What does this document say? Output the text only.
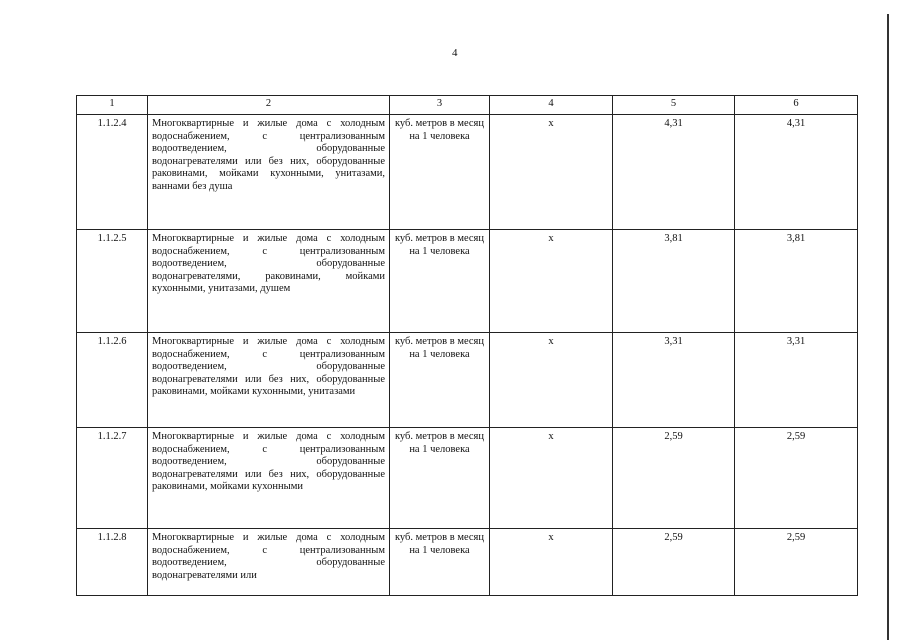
4
1	2	3	4	5	6
1.1.2.4	Многоквартирные и жилые дома с холодным водоснабжением, с централизованным водоотведением, оборудованные водонагревателями или без них, оборудованные раковинами, мойками кухонными, унитазами, ваннами без душа	куб. метров в месяц на 1 человека	х	4,31	4,31
1.1.2.5	Многоквартирные и жилые дома с холодным водоснабжением, с централизованным водоотведением, оборудованные водонагревателями, раковинами, мойками кухонными, унитазами, душем	куб. метров в месяц на 1 человека	х	3,81	3,81
1.1.2.6	Многоквартирные и жилые дома с холодным водоснабжением, с централизованным водоотведением, оборудованные водонагревателями или без них, оборудованные раковинами, мойками кухонными, унитазами	куб. метров в месяц на 1 человека	х	3,31	3,31
1.1.2.7	Многоквартирные и жилые дома с холодным водоснабжением, с централизованным водоотведением, оборудованные водонагревателями или без них, оборудованные раковинами, мойками кухонными	куб. метров в месяц на 1 человека	х	2,59	2,59
1.1.2.8	Многоквартирные и жилые дома с холодным водоснабжением, с централизованным водоотведением, оборудованные водонагревателями или	куб. метров в месяц на 1 человека	х	2,59	2,59
